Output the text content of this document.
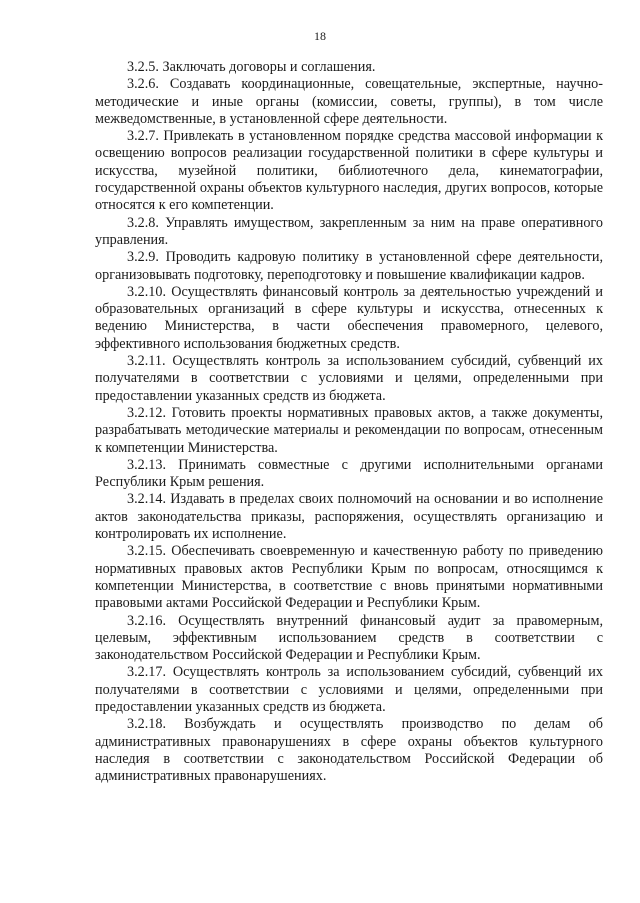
18

3.2.5. Заключать договоры и соглашения.

3.2.6. Создавать координационные, совещательные, экспертные, научно-методические и иные органы (комиссии, советы, группы), в том числе межведомственные, в установленной сфере деятельности.

3.2.7. Привлекать в установленном порядке средства массовой информации к освещению вопросов реализации государственной политики в сфере культуры и искусства, музейной политики, библиотечного дела, кинематографии, государственной охраны объектов культурного наследия, других вопросов, которые относятся к его компетенции.

3.2.8. Управлять имуществом, закрепленным за ним на праве оперативного управления.

3.2.9. Проводить кадровую политику в установленной сфере деятельности, организовывать подготовку, переподготовку и повышение квалификации кадров.

3.2.10. Осуществлять финансовый контроль за деятельностью учреждений и образовательных организаций в сфере культуры и искусства, отнесенных к ведению Министерства, в части обеспечения правомерного, целевого, эффективного использования бюджетных средств.

3.2.11. Осуществлять контроль за использованием субсидий, субвенций их получателями в соответствии с условиями и целями, определенными при предоставлении указанных средств из бюджета.

3.2.12. Готовить проекты нормативных правовых актов, а также документы, разрабатывать методические материалы и рекомендации по вопросам, отнесенным к компетенции Министерства.

3.2.13. Принимать совместные с другими исполнительными органами Республики Крым решения.

3.2.14. Издавать в пределах своих полномочий на основании и во исполнение актов законодательства приказы, распоряжения, осуществлять организацию и контролировать их исполнение.

3.2.15. Обеспечивать своевременную и качественную работу по приведению нормативных правовых актов Республики Крым по вопросам, относящимся к компетенции Министерства, в соответствие с вновь принятыми нормативными правовыми актами Российской Федерации и Республики Крым.

3.2.16. Осуществлять внутренний финансовый аудит за правомерным, целевым, эффективным использованием средств в соответствии с законодательством Российской Федерации и Республики Крым.

3.2.17. Осуществлять контроль за использованием субсидий, субвенций их получателями в соответствии с условиями и целями, определенными при предоставлении указанных средств из бюджета.

3.2.18. Возбуждать и осуществлять производство по делам об административных правонарушениях в сфере охраны объектов культурного наследия в соответствии с законодательством Российской Федерации об административных правонарушениях.
